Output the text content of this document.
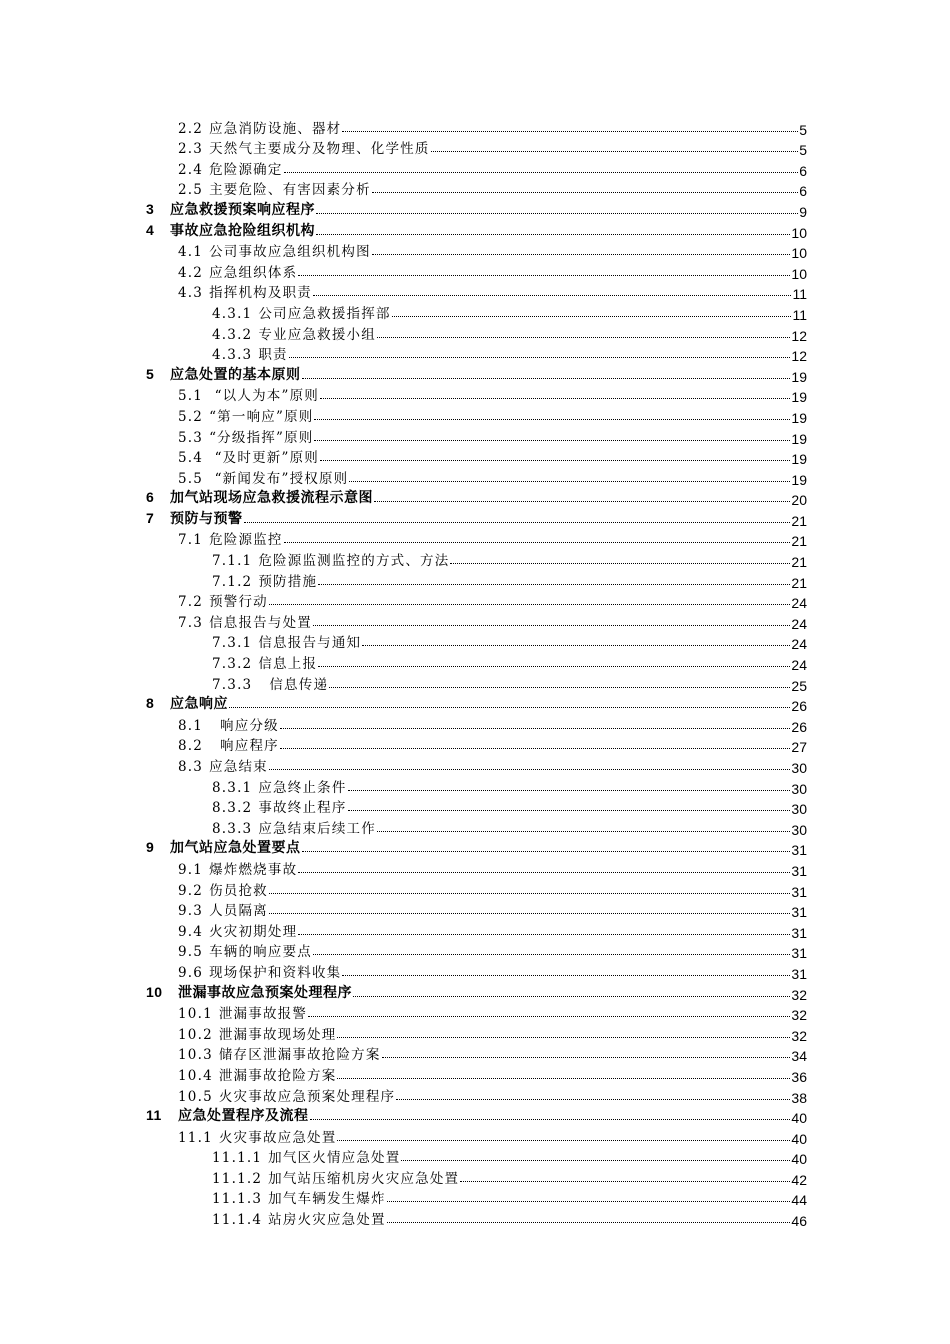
2.2 应急消防设施、器材	5
2.3 天然气主要成分及物理、化学性质	5
2.4 危险源确定	6
2.5 主要危险、有害因素分析	6
3	应急救援预案响应程序	9
4	事故应急抢险组织机构	10
4.1 公司事故应急组织机构图	10
4.2 应急组织体系	10
4.3 指挥机构及职责	11
4.3.1 公司应急救援指挥部	11
4.3.2 专业应急救援小组	12
4.3.3 职责	12
5	应急处置的基本原则	19
5.1 “以人为本”原则	19
5.2 “第一响应”原则	19
5.3 “分级指挥”原则	19
5.4 “及时更新”原则	19
5.5 “新闻发布”授权原则	19
6	加气站现场应急救援流程示意图	20
7	预防与预警	21
7.1 危险源监控	21
7.1.1 危险源监测监控的方式、方法	21
7.1.2 预防措施	21
7.2 预警行动	24
7.3 信息报告与处置	24
7.3.1 信息报告与通知	24
7.3.2 信息上报	24
7.3.3 信息传递	25
8	应急响应	26
8.1 响应分级	26
8.2 响应程序	27
8.3 应急结束	30
8.3.1 应急终止条件	30
8.3.2 事故终止程序	30
8.3.3 应急结束后续工作	30
9	加气站应急处置要点	31
9.1 爆炸燃烧事故	31
9.2 伤员抢救	31
9.3 人员隔离	31
9.4 火灾初期处理	31
9.5 车辆的响应要点	31
9.6 现场保护和资料收集	31
10	泄漏事故应急预案处理程序	32
10.1 泄漏事故报警	32
10.2 泄漏事故现场处理	32
10.3 储存区泄漏事故抢险方案	34
10.4 泄漏事故抢险方案	36
10.5 火灾事故应急预案处理程序	38
11	应急处置程序及流程	40
11.1 火灾事故应急处置	40
11.1.1 加气区火情应急处置	40
11.1.2 加气站压缩机房火灾应急处置	42
11.1.3 加气车辆发生爆炸	44
11.1.4 站房火灾应急处置	46
